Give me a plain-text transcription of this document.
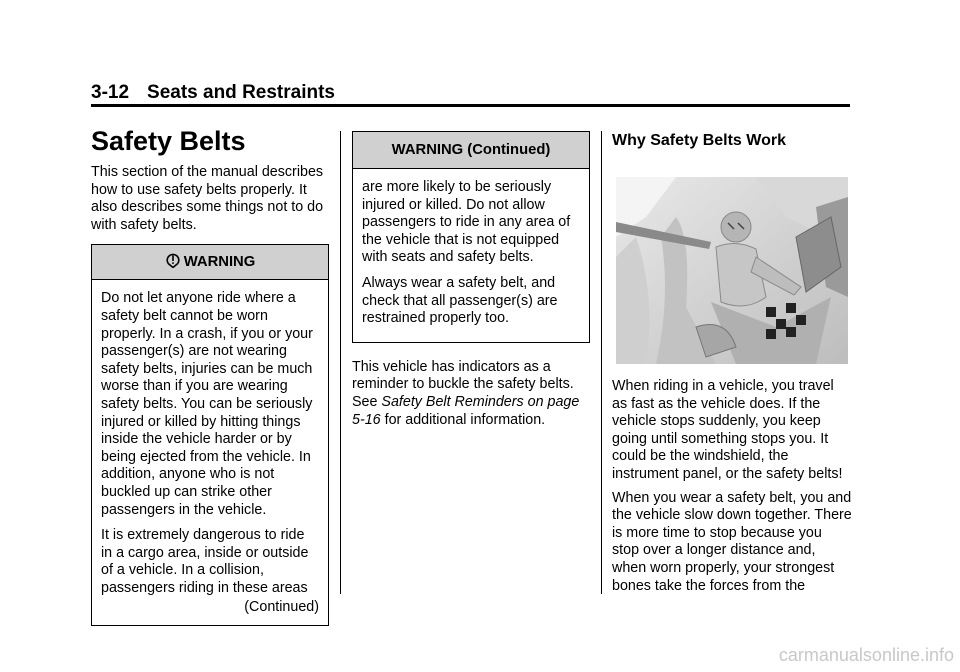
3-12 Seats and Restraints
Safety Belts

This section of the manual describes how to use safety belts properly. It also describes some things not to do with safety belts.

WARNING

Do not let anyone ride where a safety belt cannot be worn properly. In a crash, if you or your passenger(s) are not wearing safety belts, injuries can be much worse than if you are wearing safety belts. You can be seriously injured or killed by hitting things inside the vehicle harder or by being ejected from the vehicle. In addition, anyone who is not buckled up can strike other passengers in the vehicle.

It is extremely dangerous to ride in a cargo area, inside or outside of a vehicle. In a collision, passengers riding in these areas

(Continued)
WARNING (Continued)

are more likely to be seriously injured or killed. Do not allow passengers to ride in any area of the vehicle that is not equipped with seats and safety belts.

Always wear a safety belt, and check that all passenger(s) are restrained properly too.

This vehicle has indicators as a reminder to buckle the safety belts. See Safety Belt Reminders on page 5-16 for additional information.

Why Safety Belts Work

When riding in a vehicle, you travel as fast as the vehicle does. If the vehicle stops suddenly, you keep going until something stops you. It could be the windshield, the instrument panel, or the safety belts!

When you wear a safety belt, you and the vehicle slow down together. There is more time to stop because you stop over a longer distance and, when worn properly, your strongest bones take the forces from the

carmanualsonline.info
